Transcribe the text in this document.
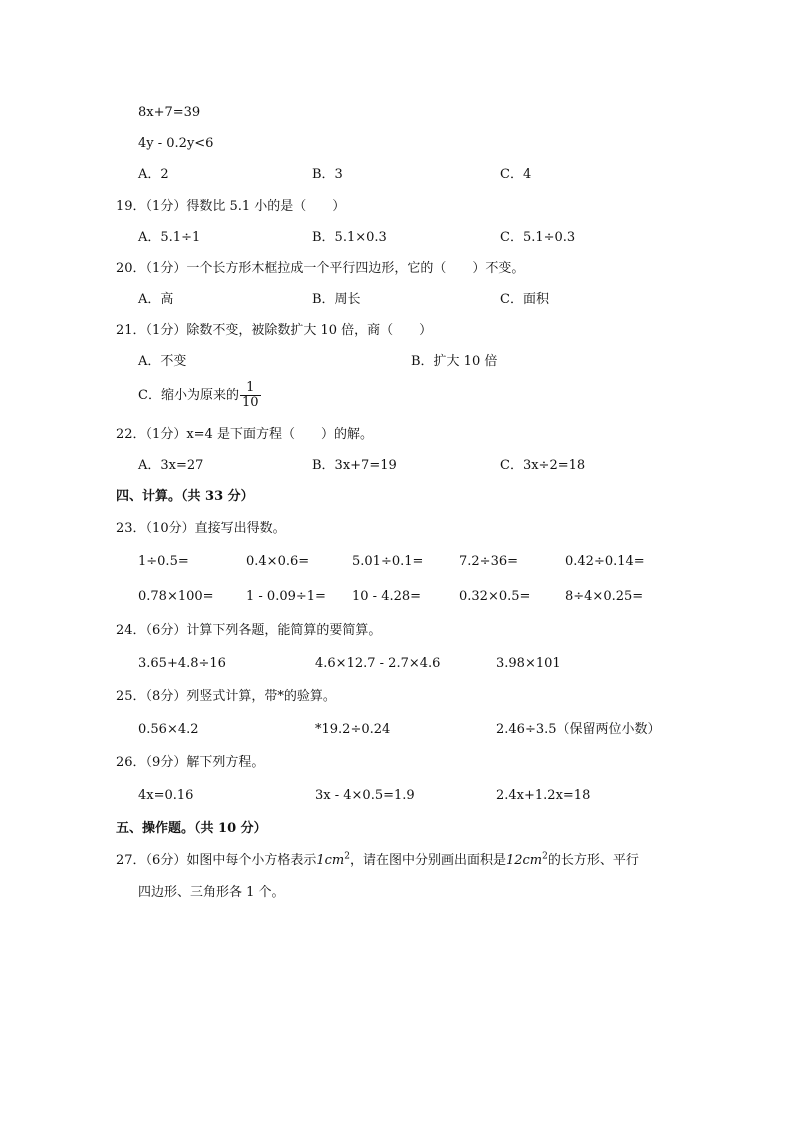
8x+7=39
4y - 0.2y<6
A．2	B．3	C．4
19．（1分）得数比 5.1 小的是（　　）
A．5.1÷1	B．5.1×0.3	C．5.1÷0.3
20．（1分）一个长方形木框拉成一个平行四边形，它的（　　）不变。
A．高	B．周长	C．面积
21．（1分）除数不变，被除数扩大 10 倍，商（　　）
A．不变	B．扩大 10 倍
C．缩小为原来的 $\frac{1}{10}$
22．（1分）x=4 是下面方程（　　）的解。
A．3x=27	B．3x+7=19	C．3x÷2=18
四、计算。（共 33 分）
23．（10分）直接写出得数。
1÷0.5=	0.4×0.6=	5.01÷0.1=	7.2÷36=	0.42÷0.14=
0.78×100= 1 - 0.09÷1= 10 - 4.28=	0.32×0.5=	8÷4×0.25=
24．（6分）计算下列各题，能简算的要简算。
3.65+4.8÷16	4.6×12.7 - 2.7×4.6	3.98×101
25．（8分）列竖式计算，带*的验算。
0.56×4.2	*19.2÷0.24	2.46÷3.5（保留两位小数）
26．（9分）解下列方程。
4x=0.16	3x - 4×0.5=1.9	2.4x+1.2x=18
五、操作题。（共 10 分）
27．（6分）如图中每个小方格表示$1cm^2$，请在图中分别画出面积是$12cm^2$的长方形、平行
四边形、三角形各 1 个。
